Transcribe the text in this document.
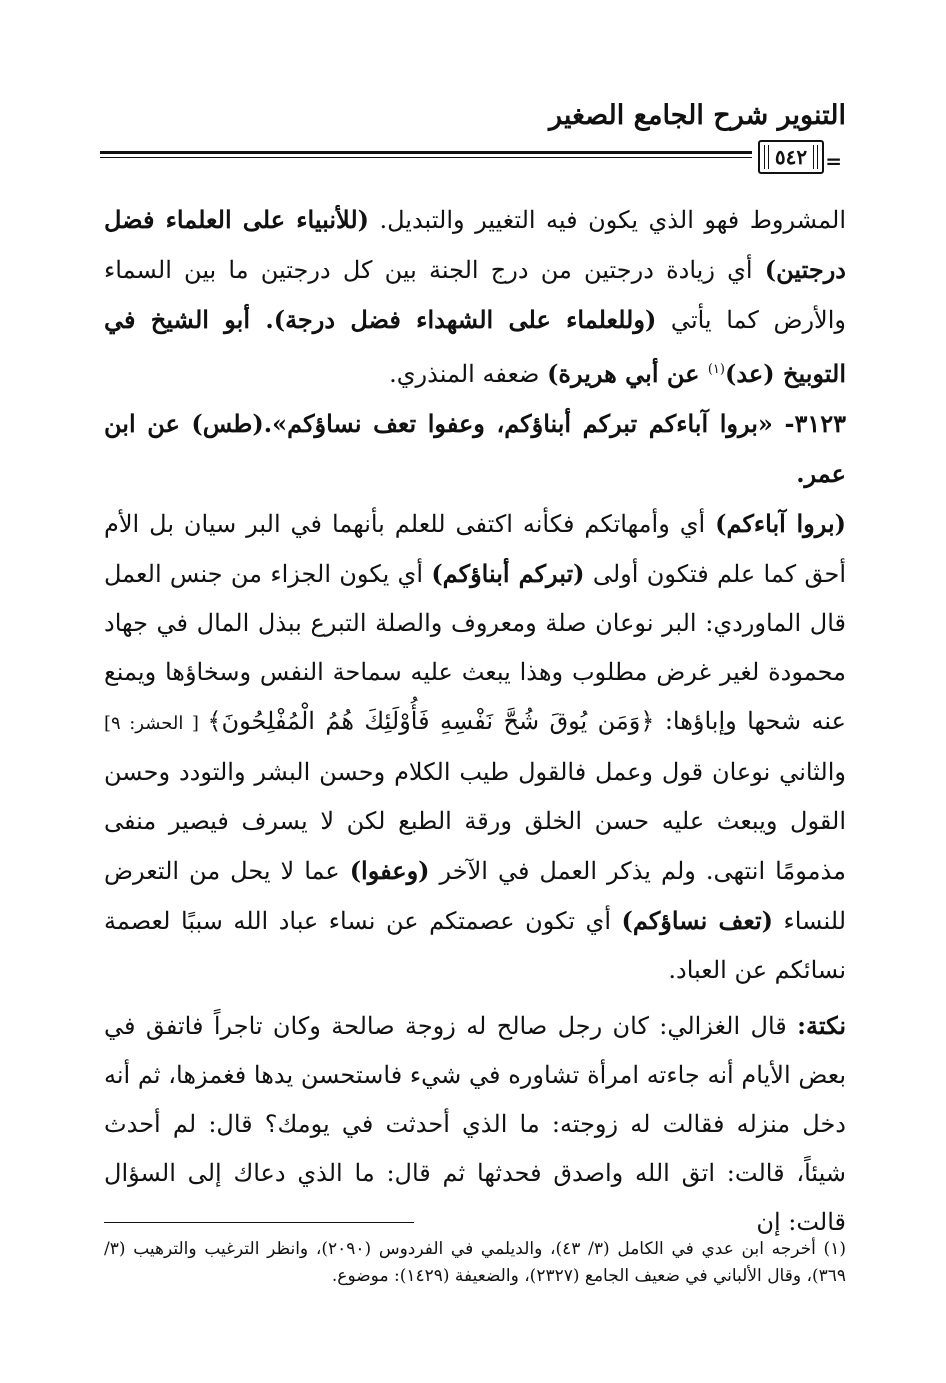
التنوير شرح الجامع الصغير
=
٥٤٢

المشروط فهو الذي يكون فيه التغيير والتبديل. (للأنبياء على العلماء فضل درجتين) أي زيادة درجتين من درج الجنة بين كل درجتين ما بين السماء والأرض كما يأتي (وللعلماء على الشهداء فضل درجة). أبو الشيخ في التوبيخ (عد)$^{(١)}$ عن أبي هريرة) ضعفه المنذري.

٣١٢٣- «بروا آباءكم تبركم أبناؤكم، وعفوا تعف نساؤكم».(طس) عن ابن عمر.

(بروا آباءكم) أي وأمهاتكم فكأنه اكتفى للعلم بأنهما في البر سيان بل الأم أحق كما علم فتكون أولى (تبركم أبناؤكم) أي يكون الجزاء من جنس العمل قال الماوردي: البر نوعان صلة ومعروف والصلة التبرع ببذل المال في جهاد محمودة لغير غرض مطلوب وهذا يبعث عليه سماحة النفس وسخاؤها ويمنع عنه شحها وإباؤها: ﴿وَمَن يُوقَ شُحَّ نَفْسِهِ فَأُوْلَئِكَ هُمُ الْمُفْلِحُونَ﴾ [ الحشر: ٩] والثاني نوعان قول وعمل فالقول طيب الكلام وحسن البشر والتودد وحسن القول ويبعث عليه حسن الخلق ورقة الطبع لكن لا يسرف فيصير منفى مذمومًا انتهى. ولم يذكر العمل في الآخر (وعفوا) عما لا يحل من التعرض للنساء (تعف نساؤكم) أي تكون عصمتكم عن نساء عباد الله سببًا لعصمة نسائكم عن العباد.

نكتة: قال الغزالي: كان رجل صالح له زوجة صالحة وكان تاجراً فاتفق في بعض الأيام أنه جاءته امرأة تشاوره في شيء فاستحسن يدها فغمزها، ثم أنه دخل منزله فقالت له زوجته: ما الذي أحدثت في يومك؟ قال: لم أحدث شيئاً، قالت: اتق الله واصدق فحدثها ثم قال: ما الذي دعاك إلى السؤال قالت: إن

(١) أخرجه ابن عدي في الكامل (٣/ ٤٣)، والديلمي في الفردوس (٢٠٩٠)، وانظر الترغيب والترهيب (٣/ ٣٦٩)، وقال الألباني في ضعيف الجامع (٢٣٢٧)، والضعيفة (١٤٢٩): موضوع.
